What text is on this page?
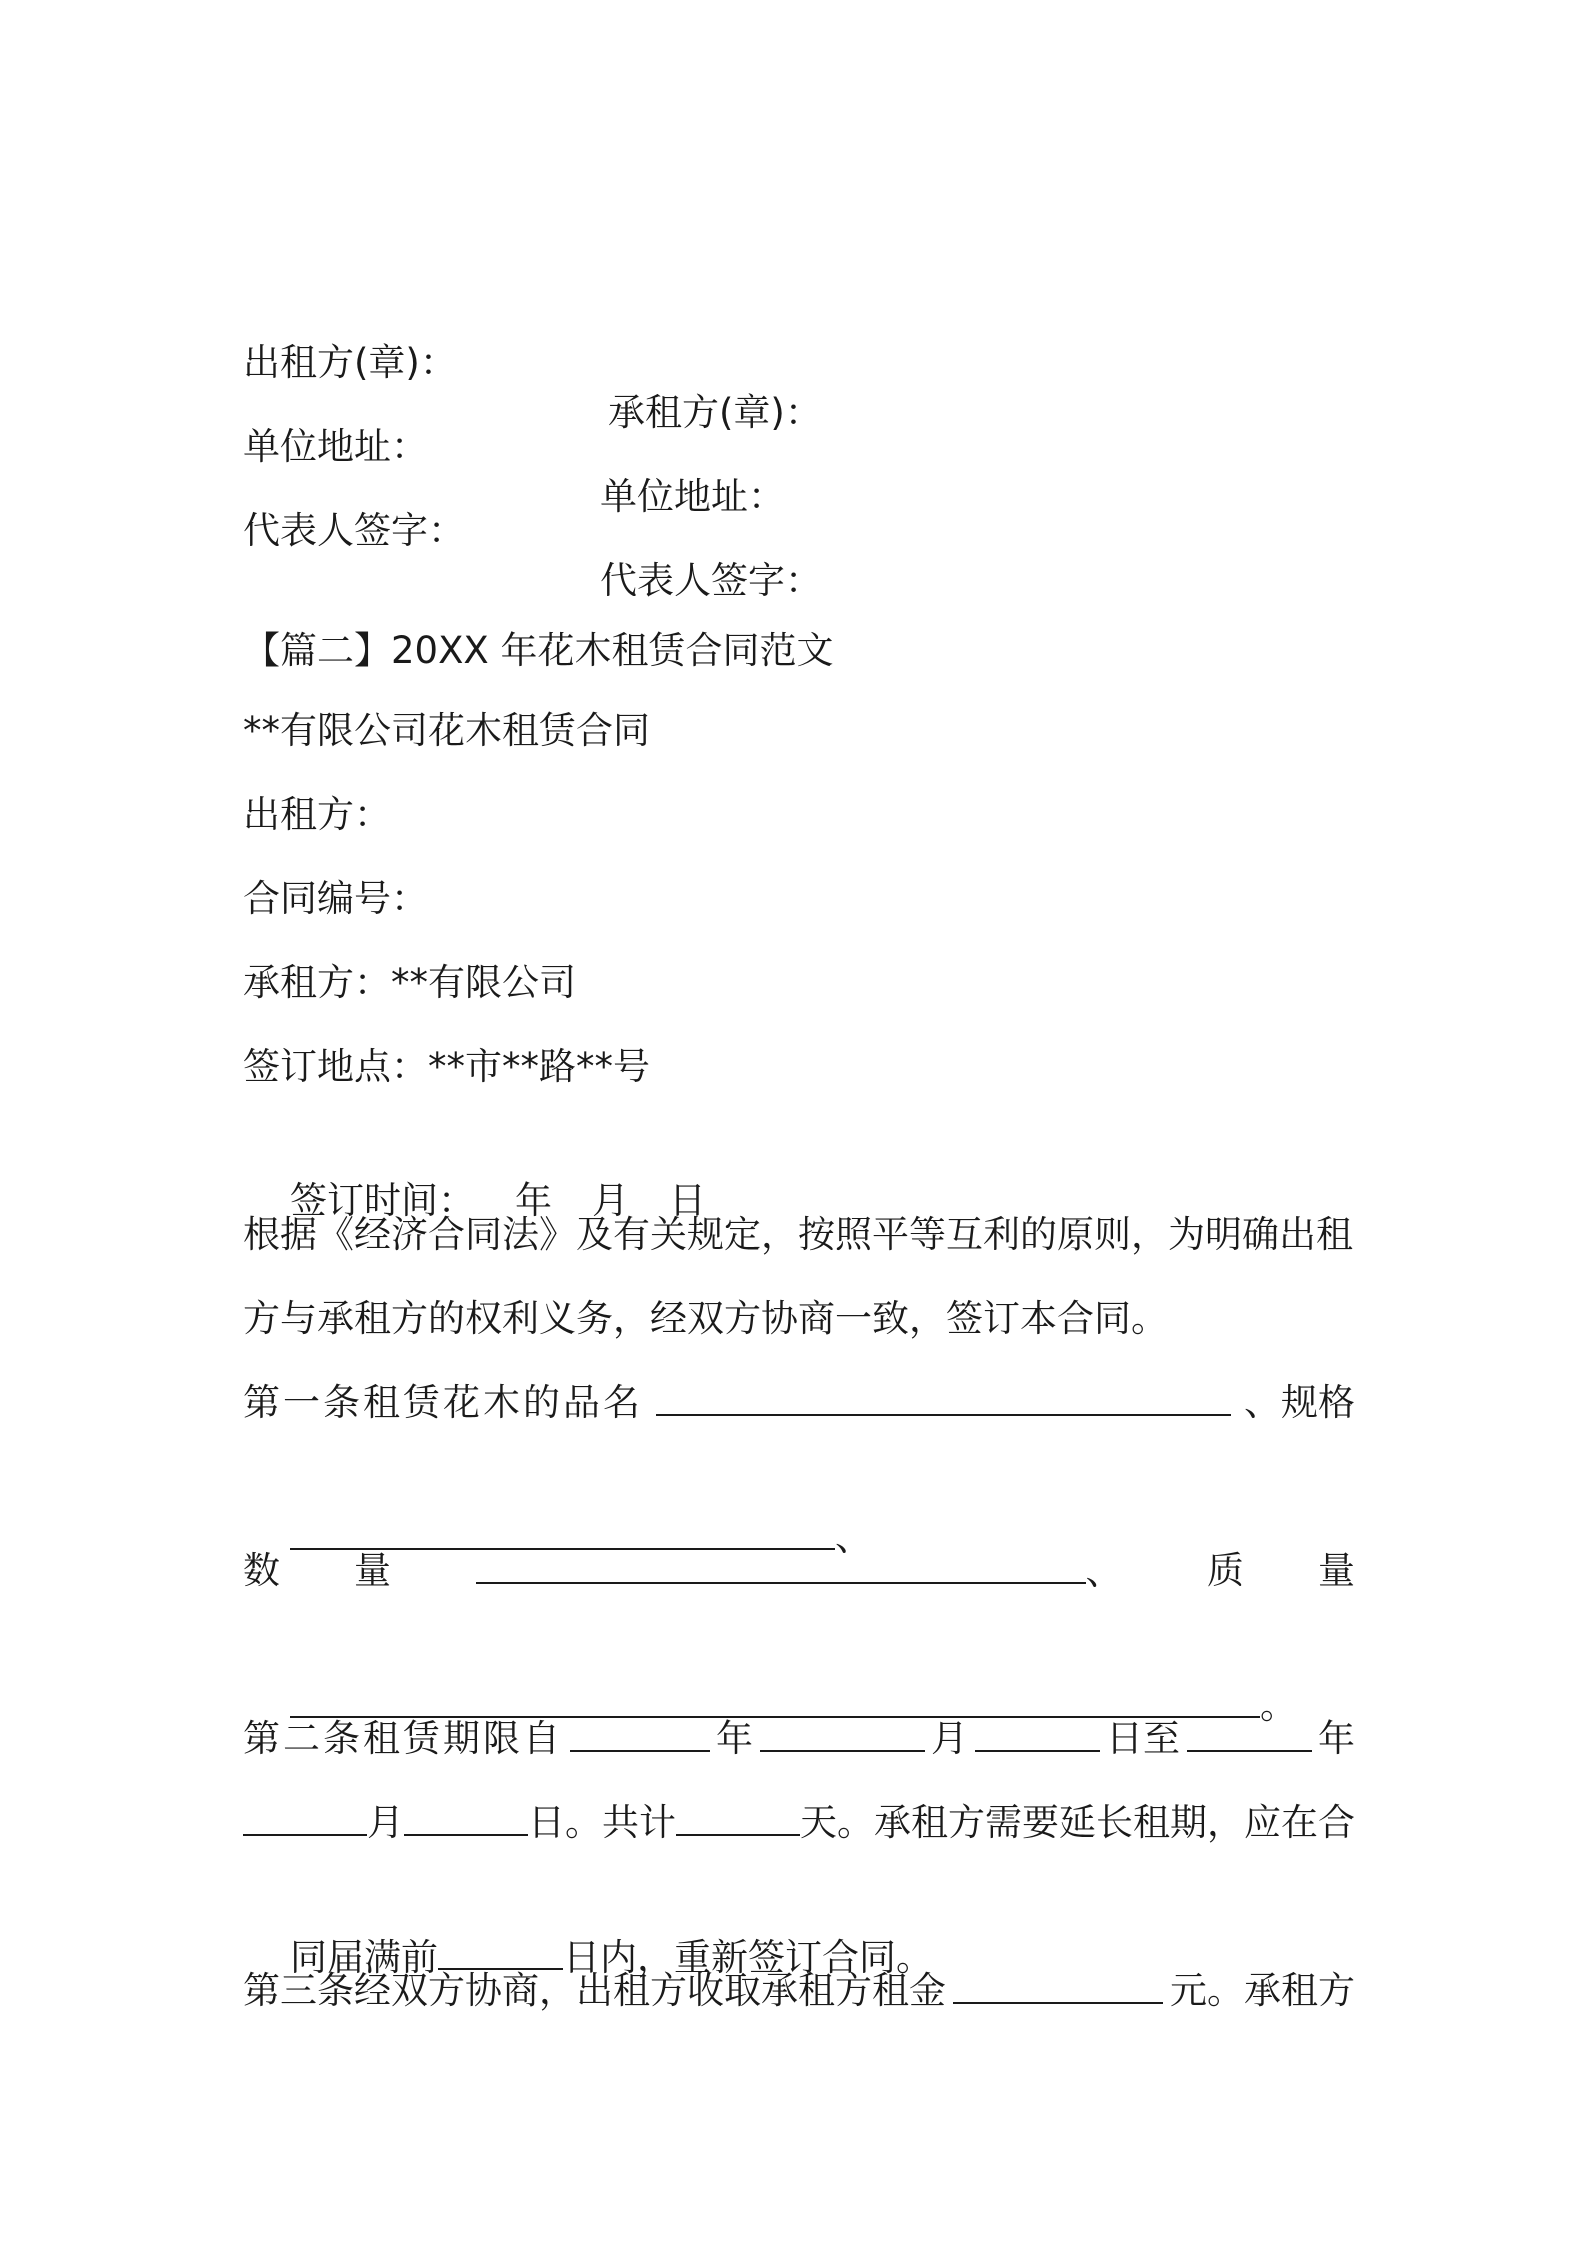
出租方(章)：

承租方(章)：

单位地址：

单位地址：

代表人签字：

代表人签字：

【篇二】20XX 年花木租赁合同范文
**有限公司花木租赁合同
出租方：
合同编号：
承租方：**有限公司
签订地点：**市**路**号

签订时间： 年 月 日

根据《经济合同法》及有关规定，按照平等互利的原则，为明确出租
方与承租方的权利义务，经双方协商一致，签订本合同。
第一条租赁花木的品名	、规格

、

数　　量	、 质　　量

。

第二条租赁期限自	年	月	日至	年
月	日。共计	天。承租方需要延长租期，应在合

同届满前	日内，重新签订合同。

第三条经双方协商，出租方收取承租方租金	元。承租方
